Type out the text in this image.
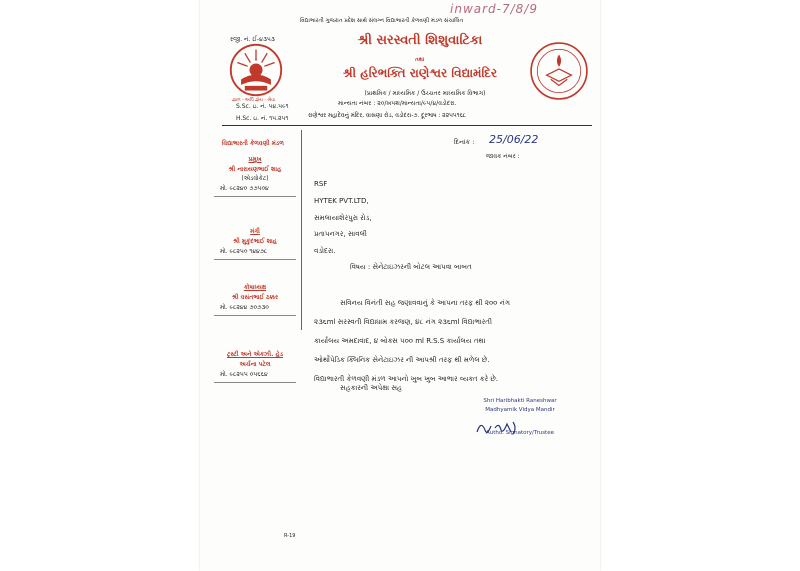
inward-7/8/9
વિદ્યાભારતી ગુજરાત પ્રદેશ સાથે સંલગ્ન વિદ્યાભારતી કેળવણી મંડળ સંચાલિત
રજી. નં. ઈ-૪૩૫૩
જ્ઞાન - અર્પિ જ્ઞેય - શ્રેષ્ઠ
શ્રી સરસ્વતી શિશુવાટિકા
તથા
શ્રી હરિભક્તિ રાણેશ્વર વિદ્યામંદિર
(પ્રાથમિક / માધ્યમિક / ઉચ્ચતર માધ્યમિક વિભાગ)
માન્યતા નંબર : ૨૦/ખપશ/માન્યતા/૯૫/૪/વડોદરા.
S.Sc. ઇ. નં. ૫૪.૫૯૧
H.Sc. ઇ. નં. ૧૫.૨૫૧	રાણેશ્વર મહાદેવનું મંદિર, વાસણા રોડ, વડોદરા-૭. દૂરભાષ : ૨૨૫૫૧૬૮
વિદ્યાભારતી કેળવણી મંડળ	દિનાંક : 25/06/22
જાવક નંબર :
પ્રમુખ
શ્રી નારાયણભાઈ શાહ
(એડવોકેટ)
મો. ૯૮૨૪૦ ૭૭૫૦૪
મંત્રી
શ્રી મુકુંદભાઈ શાહ
મો. ૯૮૨૫૦ ૧૪૪૭૮
કોષાધ્યક્ષ
શ્રી વસંતભાઈ ઠક્કર
મો. ૯૮૨૪૪ ૭૦૭૩૦
ટ્રસ્ટી અને એક્ઝી. હેડ
અર્ચના પટેલ
મો. ૯૮૨૫૫ ૦૫૬૬૪
RSF
HYTEK PVT.LTD,
સમલાયાશેરપુરા રોડ,
પ્રતાપનગર, સાવલી
વડોદરા.
વિષય : સેનેટાઇઝરની બોટલ આપવા બાબત
સવિનય વિનંતી સહ જણાવવાનું કે આપના તરફ થી ૨૦૦ નંગ
૨૩૬ml સરસ્વતી વિદ્યાધામ કરજણ, ૪૮ નંગ ૨૩૬ml વિદ્યાભારતી
કાર્યાલય અમદાવાદ, ૪ બોક્સ ૫૦૦ ml R.S.S કાર્યાલય તથા
ઓર્થોપેડિક ક્લિનિક સેનેટાઇઝર ની આપશ્રી તરફ થી મળેલ છે.
વિદ્યાભારતી કેળવણી મંડળ આપનો ખુબ ખુબ આભાર વ્યક્ત કરે છે.
સહકારની અપેક્ષા સહ
Shri Haribhakti Raneshwar
Madhyamik Vidya Mandir
Autho. Signatory/Trustee
R-19
